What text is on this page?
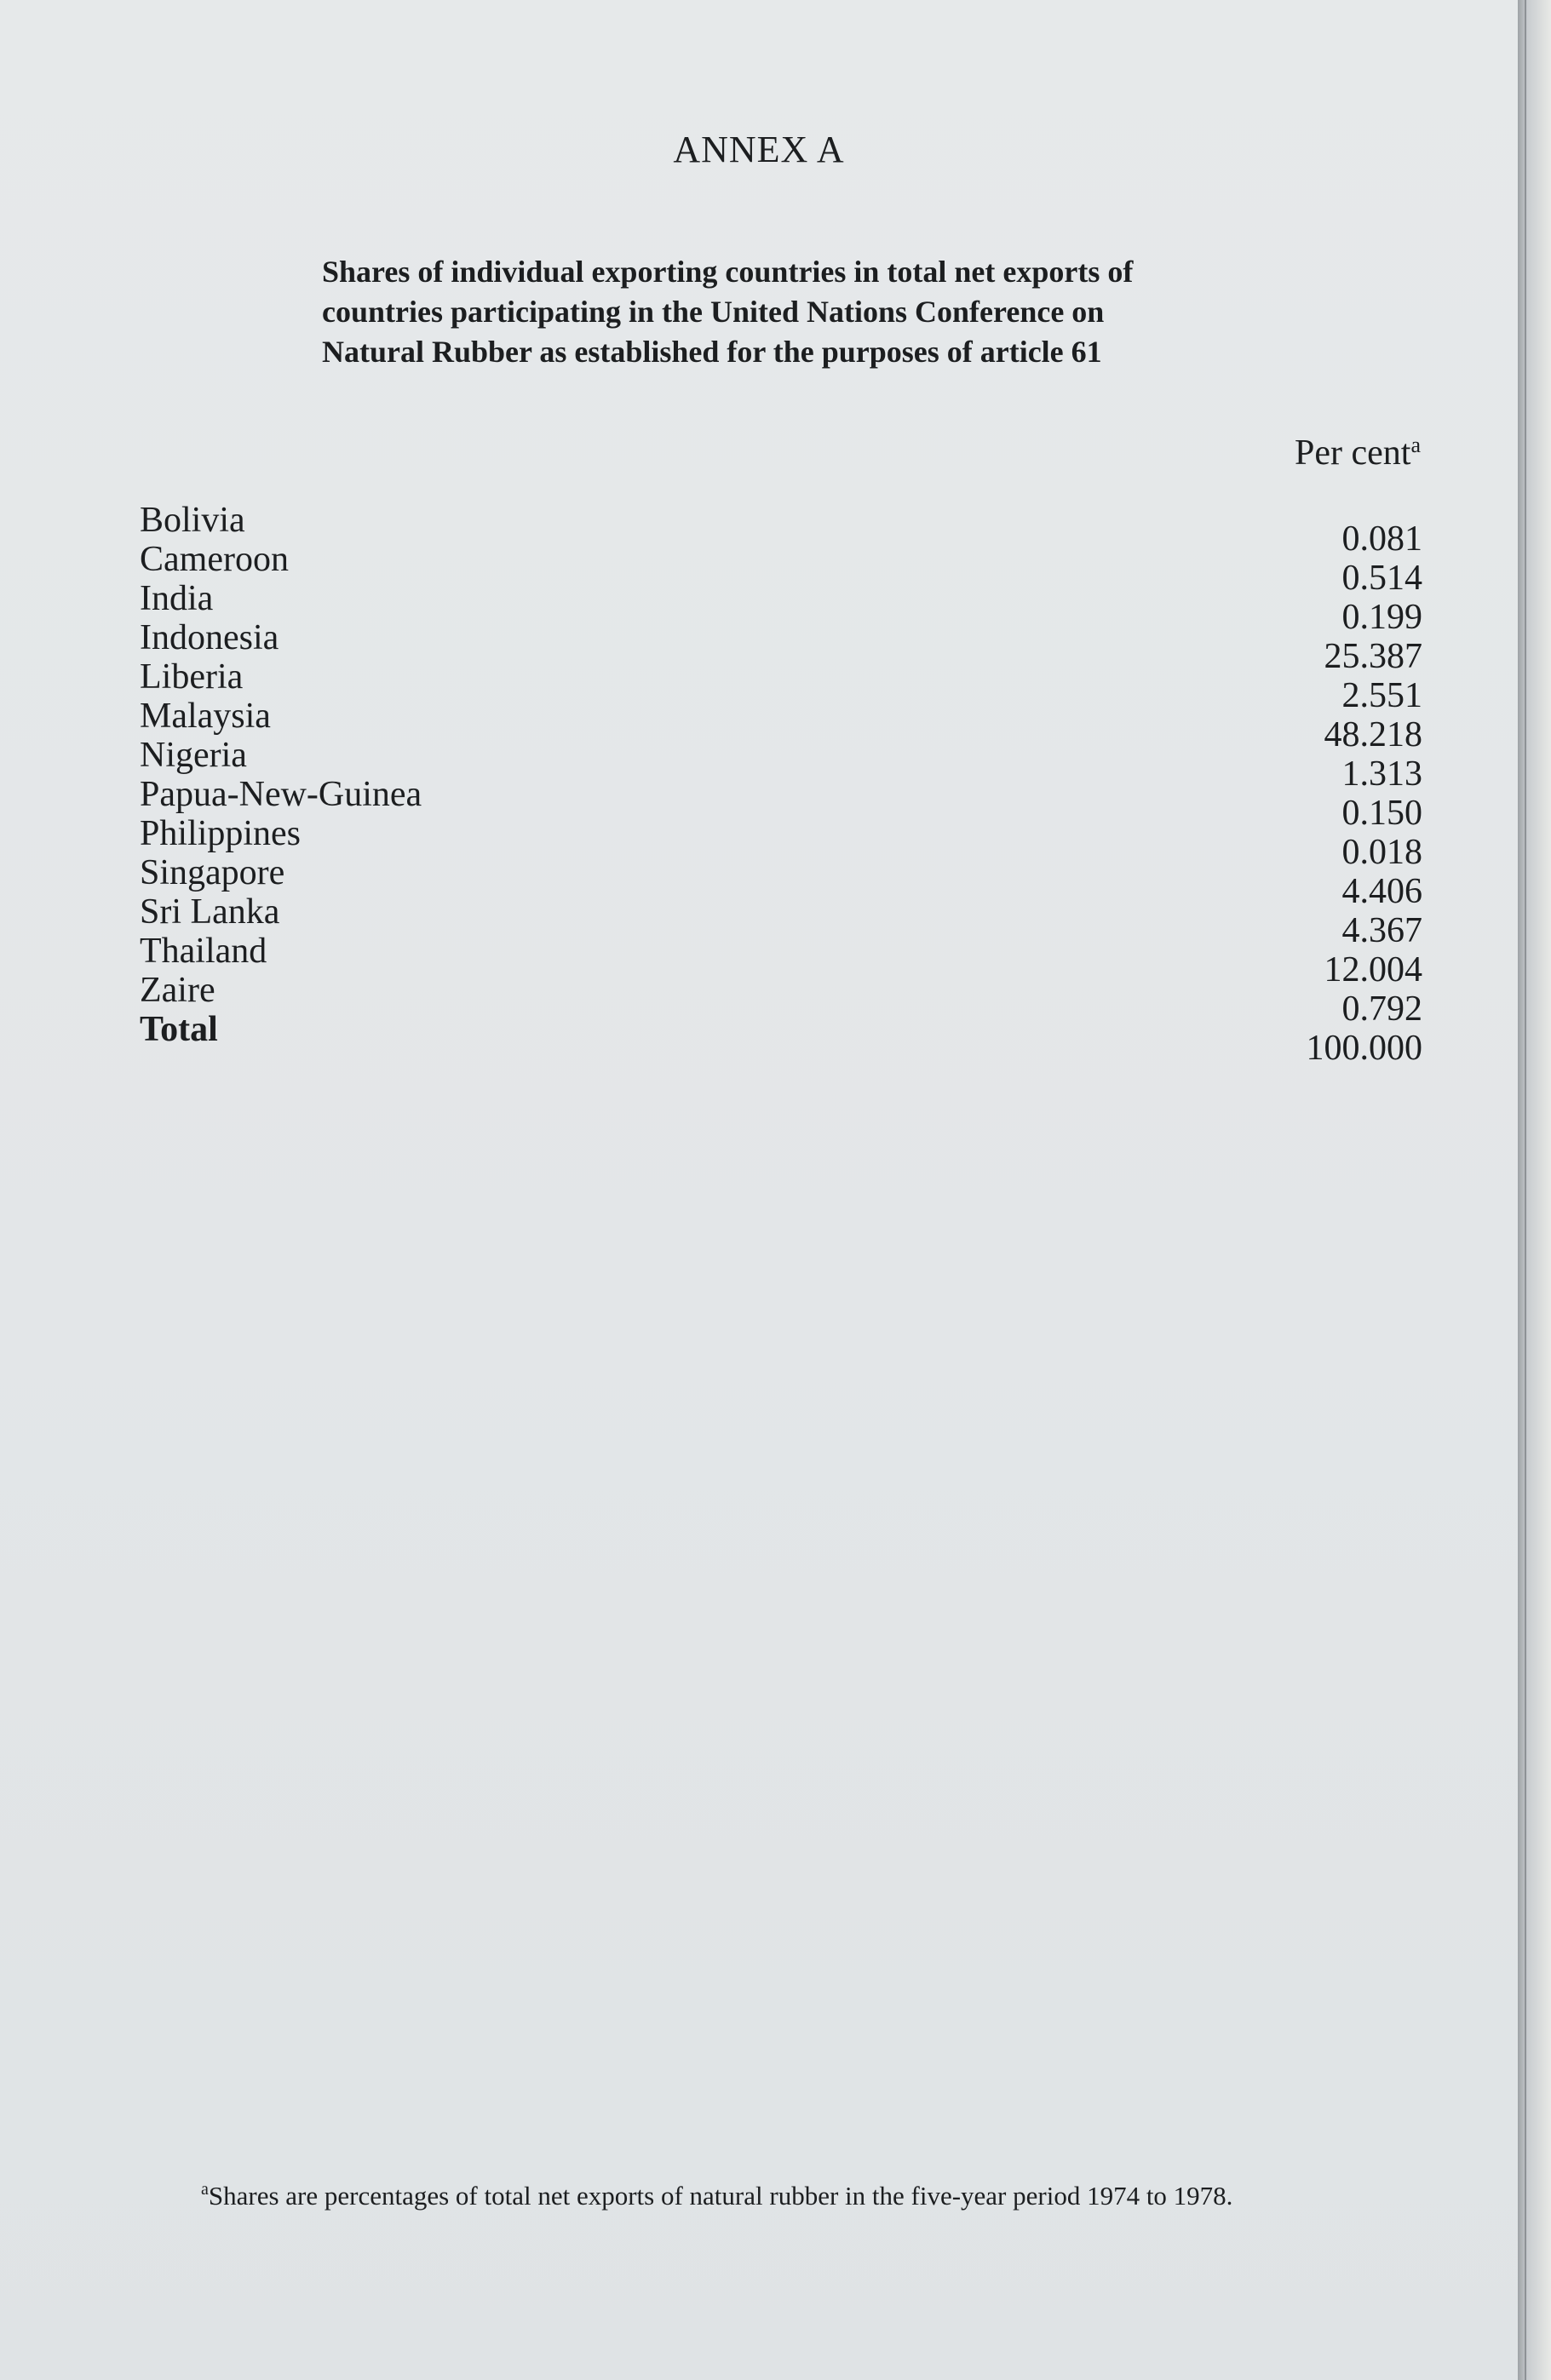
ANNEX A
Shares of individual exporting countries in total net exports of
countries participating in the United Nations Conference on
Natural Rubber as established for the purposes of article 61
Per cent$^a$
Bolivia
Cameroon
India
Indonesia
Liberia
Malaysia
Nigeria
Papua-New-Guinea
Philippines
Singapore
Sri Lanka
Thailand
Zaire
Total
0.081
0.514
0.199
25.387
2.551
48.218
1.313
0.150
0.018
4.406
4.367
12.004
0.792
100.000
$^a$Shares are percentages of total net exports of natural rubber in the five-year period 1974 to 1978.
